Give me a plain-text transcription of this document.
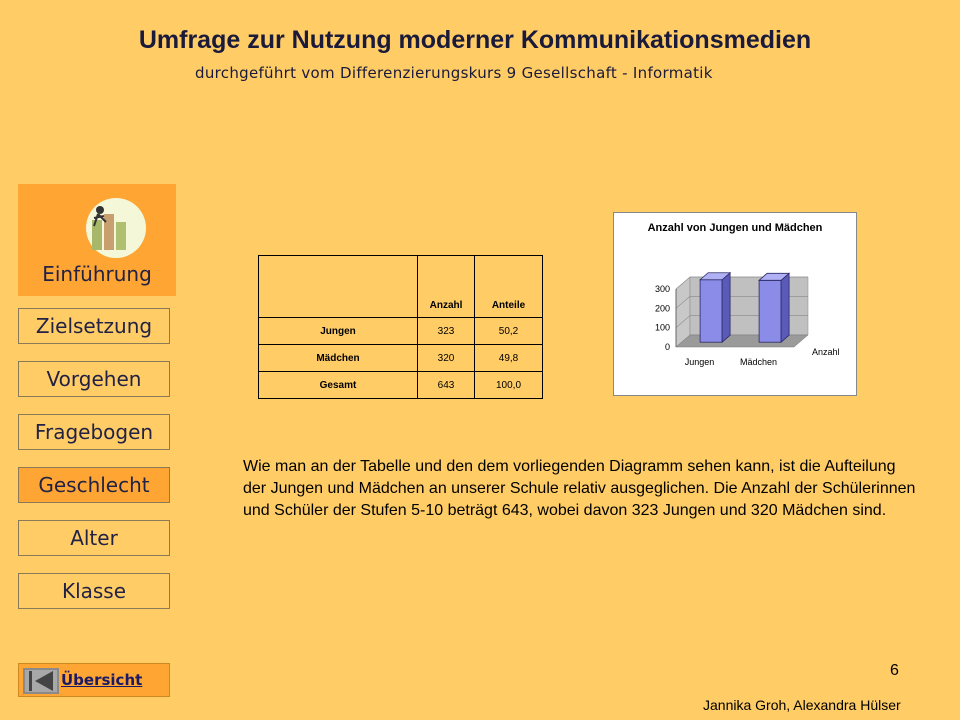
Umfrage zur Nutzung moderner Kommunikationsmedien
durchgeführt vom Differenzierungskurs 9 Gesellschaft - Informatik
Einführung
Zielsetzung
Vorgehen
Fragebogen
Geschlecht
Alter
Klasse
	Anzahl	Anteile
Jungen	323	50,2
Mädchen	320	49,8
Gesamt	643	100,0
Anzahl von Jungen und Mädchen
0
100
200
300
Jungen	Mädchen
Anzahl
Wie man an der Tabelle und den dem vorliegenden Diagramm sehen kann, ist die Aufteilung der Jungen und Mädchen an unserer Schule relativ ausgeglichen. Die Anzahl der Schülerinnen und Schüler der Stufen 5-10 beträgt 643, wobei davon 323 Jungen und 320 Mädchen sind.
6
Jannika Groh, Alexandra Hülser
Übersicht
